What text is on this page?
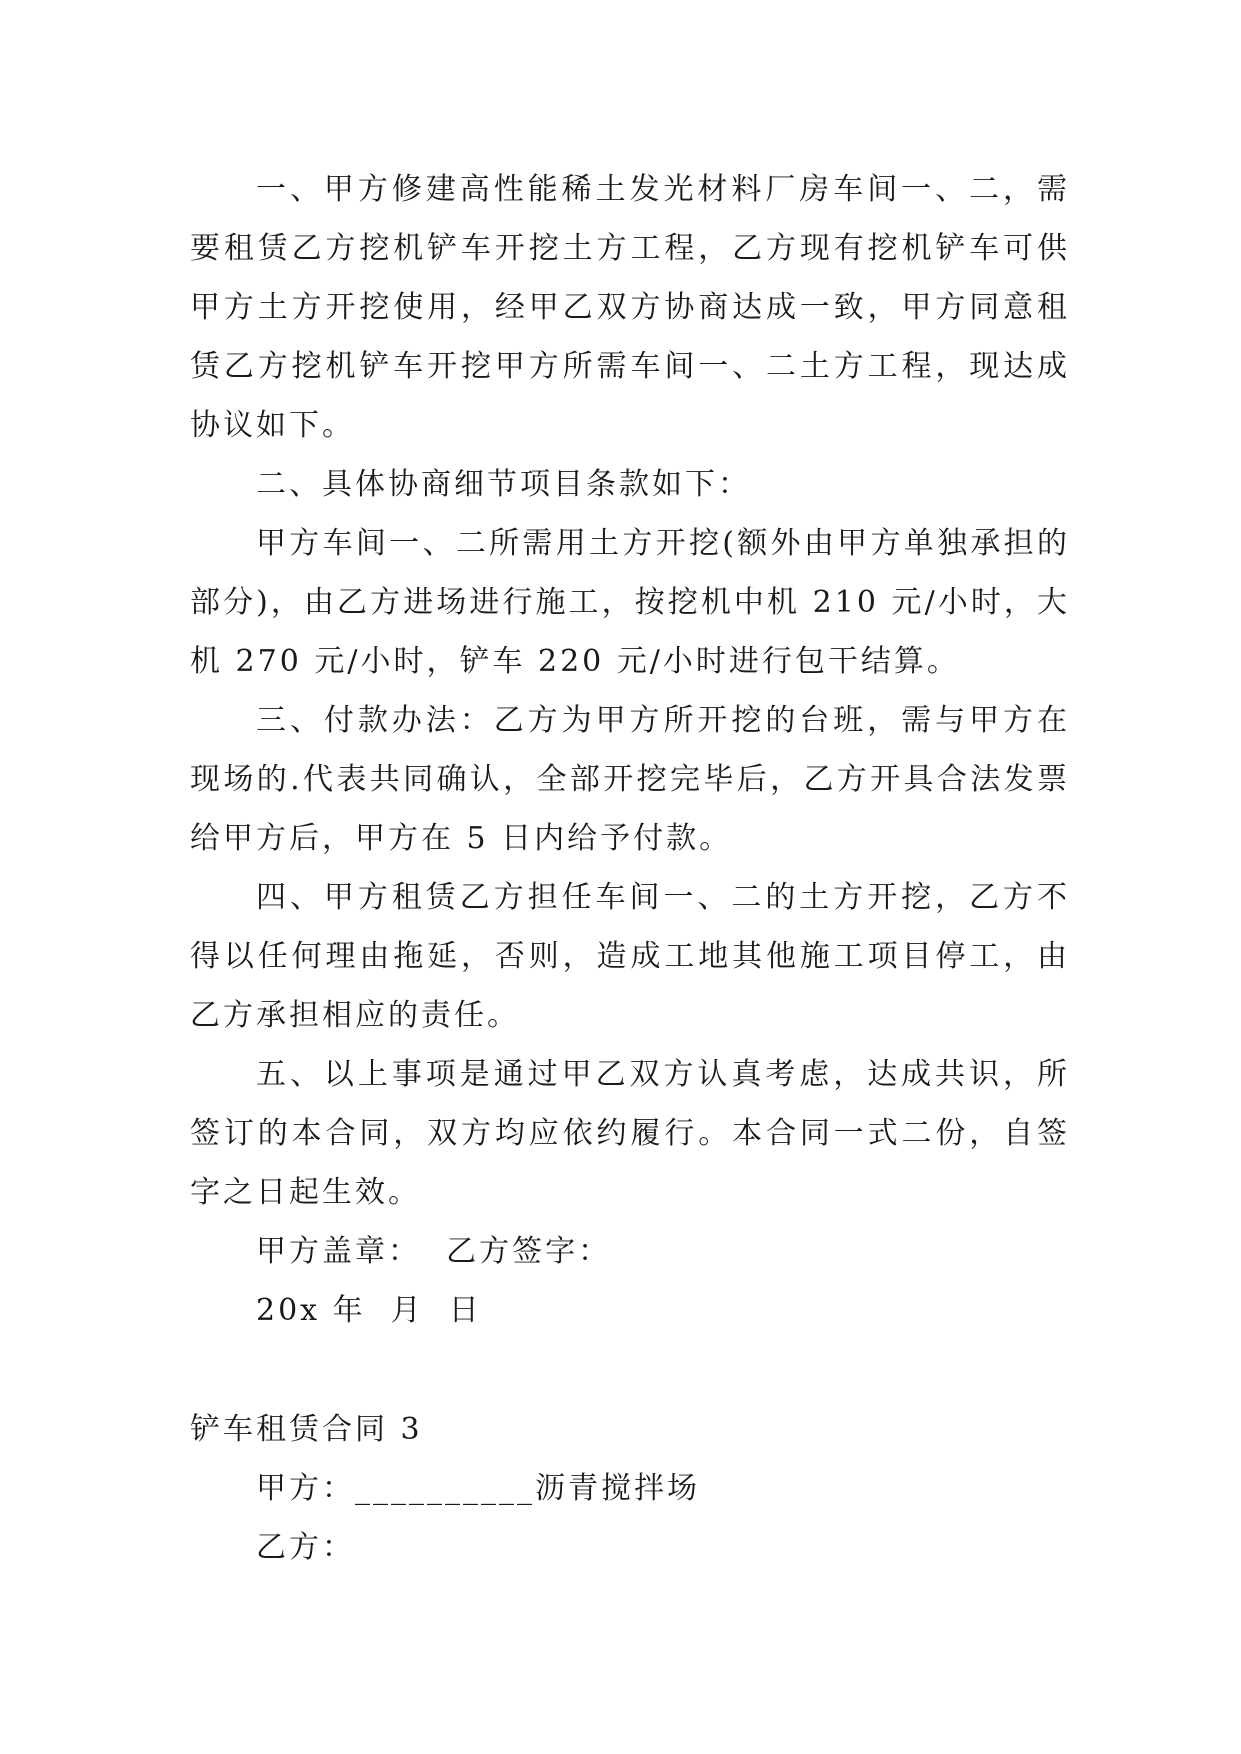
一、甲方修建高性能稀土发光材料厂房车间一、二，需要租赁乙方挖机铲车开挖土方工程，乙方现有挖机铲车可供甲方土方开挖使用，经甲乙双方协商达成一致，甲方同意租赁乙方挖机铲车开挖甲方所需车间一、二土方工程，现达成协议如下。

二、具体协商细节项目条款如下：

甲方车间一、二所需用土方开挖(额外由甲方单独承担的部分)，由乙方进场进行施工，按挖机中机 210 元/小时，大机 270 元/小时，铲车 220 元/小时进行包干结算。

三、付款办法：乙方为甲方所开挖的台班，需与甲方在现场的.代表共同确认，全部开挖完毕后，乙方开具合法发票给甲方后，甲方在 5 日内给予付款。

四、甲方租赁乙方担任车间一、二的土方开挖，乙方不得以任何理由拖延，否则，造成工地其他施工项目停工，由乙方承担相应的责任。

五、以上事项是通过甲乙双方认真考虑，达成共识，所签订的本合同，双方均应依约履行。本合同一式二份，自签字之日起生效。

甲方盖章：  乙方签字：

20x 年  月  日

铲车租赁合同 3

甲方：__________沥青搅拌场

乙方：
